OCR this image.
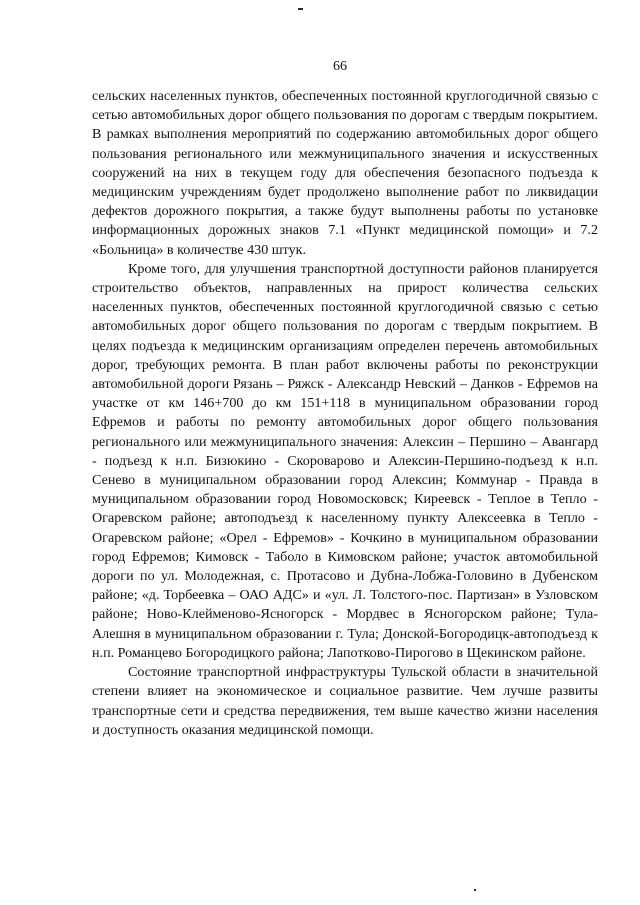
66

сельских населенных пунктов, обеспеченных постоянной круглогодичной связью с сетью автомобильных дорог общего пользования по дорогам с твердым покрытием. В рамках выполнения мероприятий по содержанию автомобильных дорог общего пользования регионального или межмуниципального значения и искусственных сооружений на них в текущем году для обеспечения безопасного подъезда к медицинским учреждениям будет продолжено выполнение работ по ликвидации дефектов дорожного покрытия, а также будут выполнены работы по установке информационных дорожных знаков 7.1 «Пункт медицинской помощи» и 7.2 «Больница» в количестве 430 штук.

Кроме того, для улучшения транспортной доступности районов планируется строительство объектов, направленных на прирост количества сельских населенных пунктов, обеспеченных постоянной круглогодичной связью с сетью автомобильных дорог общего пользования по дорогам с твердым покрытием. В целях подъезда к медицинским организациям определен перечень автомобильных дорог, требующих ремонта. В план работ включены работы по реконструкции автомобильной дороги Рязань – Ряжск - Александр Невский – Данков - Ефремов на участке от км 146+700 до км 151+118 в муниципальном образовании город Ефремов и работы по ремонту автомобильных дорог общего пользования регионального или межмуниципального значения: Алексин – Першино – Авангард - подъезд к н.п. Бизюкино - Скороварово и Алексин-Першино-подъезд к н.п. Сенево в муниципальном образовании город Алексин; Коммунар - Правда в муниципальном образовании город Новомосковск; Киреевск - Теплое в Тепло - Огаревском районе; автоподъезд к населенному пункту Алексеевка в Тепло - Огаревском районе; «Орел - Ефремов» - Кочкино в муниципальном образовании город Ефремов; Кимовск - Таболо в Кимовском районе; участок автомобильной дороги по ул. Молодежная, с. Протасово и Дубна-Лобжа-Головино в Дубенском районе; «д. Торбеевка – ОАО АДС» и «ул. Л. Толстого-пос. Партизан» в Узловском районе; Ново-Клейменово-Ясногорск - Мордвес в Ясногорском районе; Тула-Алешня в муниципальном образовании г. Тула; Донской-Богородицк-автоподъезд к н.п. Романцево Богородицкого района; Лапотково-Пирогово в Щекинском районе.

Состояние транспортной инфраструктуры Тульской области в значительной степени влияет на экономическое и социальное развитие. Чем лучше развиты транспортные сети и средства передвижения, тем выше качество жизни населения и доступность оказания медицинской помощи.
